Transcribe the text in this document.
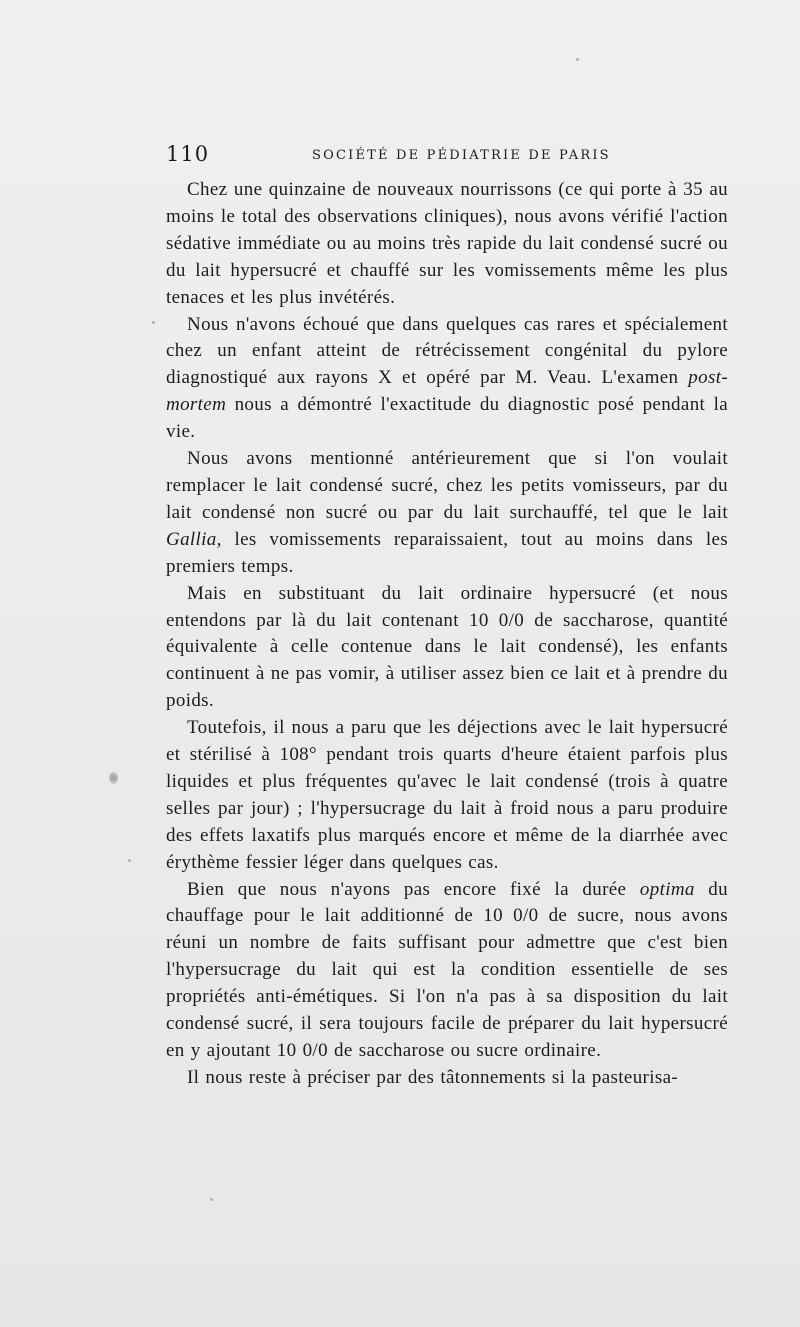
110	SOCIÉTÉ DE PÉDIATRIE DE PARIS

Chez une quinzaine de nouveaux nourrissons (ce qui porte à 35 au moins le total des observations cliniques), nous avons vérifié l'action sédative immédiate ou au moins très rapide du lait condensé sucré ou du lait hypersucré et chauffé sur les vomissements même les plus tenaces et les plus invétérés.

Nous n'avons échoué que dans quelques cas rares et spécialement chez un enfant atteint de rétrécissement congénital du pylore diagnostiqué aux rayons X et opéré par M. Veau. L'examen post-mortem nous a démontré l'exactitude du diagnostic posé pendant la vie.

Nous avons mentionné antérieurement que si l'on voulait remplacer le lait condensé sucré, chez les petits vomisseurs, par du lait condensé non sucré ou par du lait surchauffé, tel que le lait Gallia, les vomissements reparaissaient, tout au moins dans les premiers temps.

Mais en substituant du lait ordinaire hypersucré (et nous entendons par là du lait contenant 10 0/0 de saccharose, quantité équivalente à celle contenue dans le lait condensé), les enfants continuent à ne pas vomir, à utiliser assez bien ce lait et à prendre du poids.

Toutefois, il nous a paru que les déjections avec le lait hypersucré et stérilisé à 108° pendant trois quarts d'heure étaient parfois plus liquides et plus fréquentes qu'avec le lait condensé (trois à quatre selles par jour) ; l'hypersucrage du lait à froid nous a paru produire des effets laxatifs plus marqués encore et même de la diarrhée avec érythème fessier léger dans quelques cas.

Bien que nous n'ayons pas encore fixé la durée optima du chauffage pour le lait additionné de 10 0/0 de sucre, nous avons réuni un nombre de faits suffisant pour admettre que c'est bien l'hypersucrage du lait qui est la condition essentielle de ses propriétés anti-émétiques. Si l'on n'a pas à sa disposition du lait condensé sucré, il sera toujours facile de préparer du lait hypersucré en y ajoutant 10 0/0 de saccharose ou sucre ordinaire.

Il nous reste à préciser par des tâtonnements si la pasteurisa-
